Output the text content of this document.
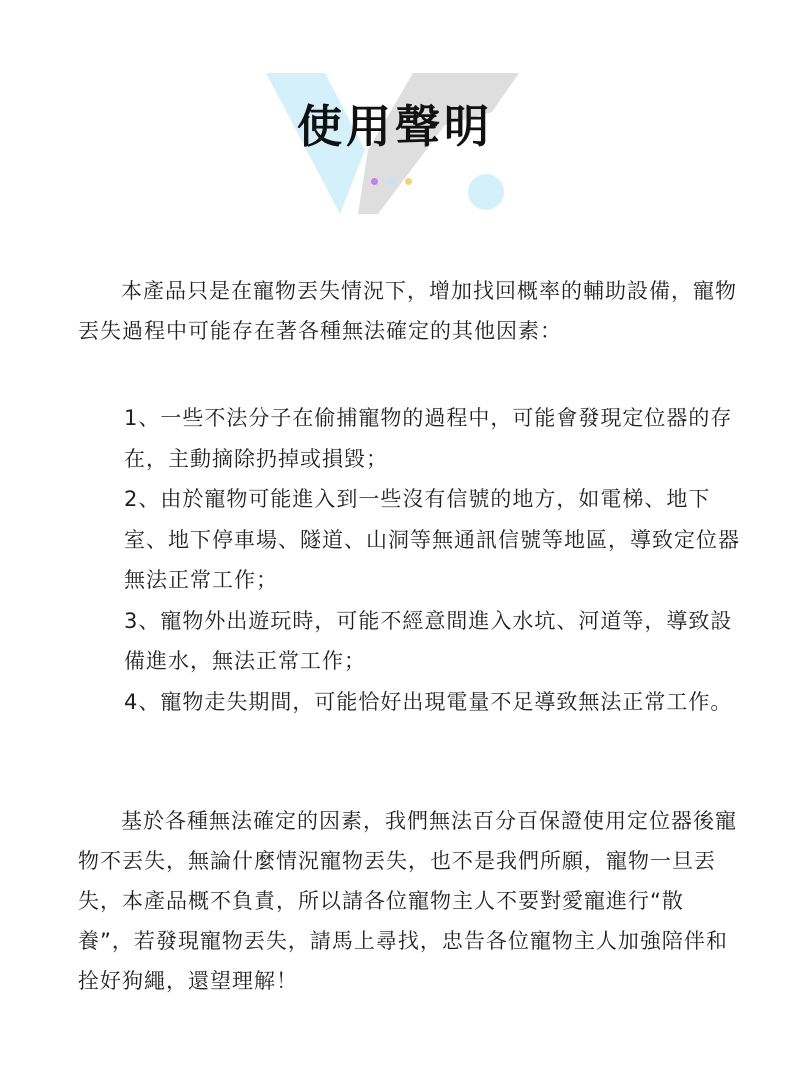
使用聲明

本產品只是在寵物丟失情況下，增加找回概率的輔助設備，寵物丟失過程中可能存在著各種無法確定的其他因素：

1、一些不法分子在偷捕寵物的過程中，可能會發現定位器的存在，主動摘除扔掉或損毀；

2、由於寵物可能進入到一些沒有信號的地方，如電梯、地下室、地下停車場、隧道、山洞等無通訊信號等地區，導致定位器無法正常工作；

3、寵物外出遊玩時，可能不經意間進入水坑、河道等，導致設備進水，無法正常工作；

4、寵物走失期間，可能恰好出現電量不足導致無法正常工作。

基於各種無法確定的因素，我們無法百分百保證使用定位器後寵物不丟失，無論什麼情況寵物丟失，也不是我們所願，寵物一旦丟失，本產品概不負責，所以請各位寵物主人不要對愛寵進行“散養”，若發現寵物丟失，請馬上尋找，忠告各位寵物主人加強陪伴和拴好狗繩，還望理解！
